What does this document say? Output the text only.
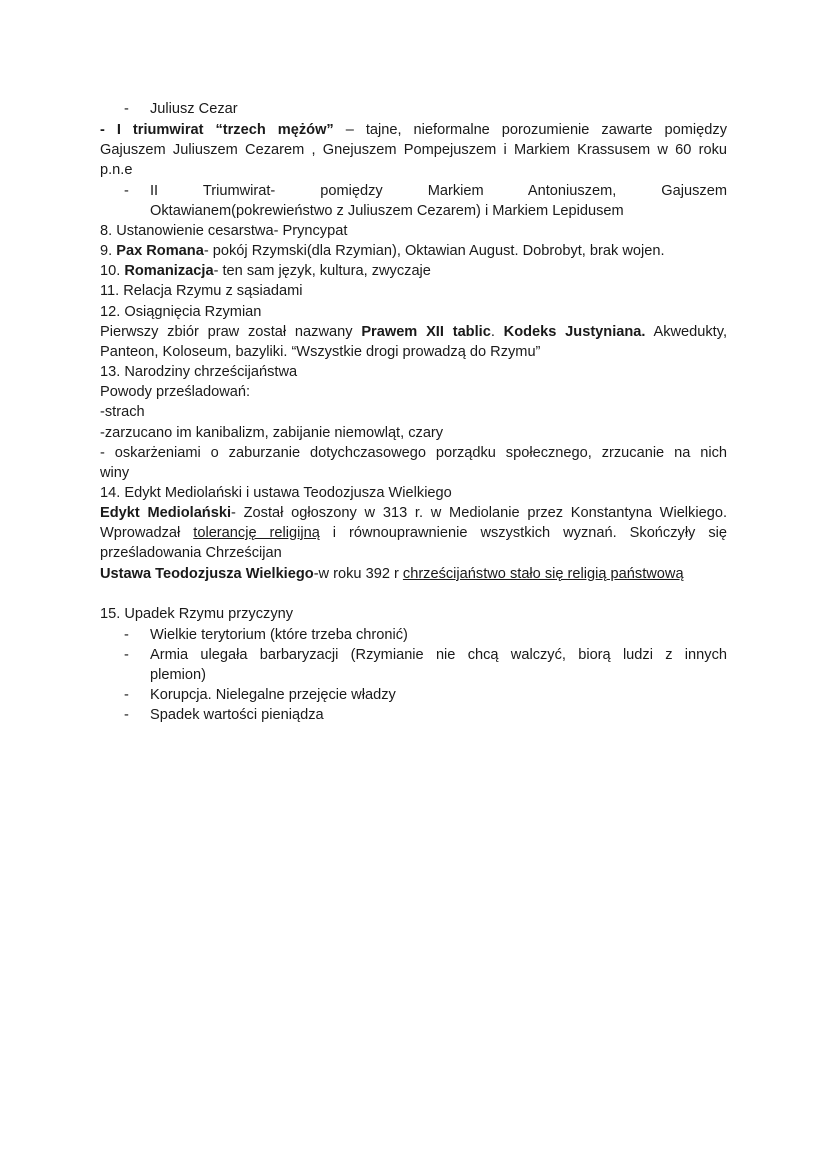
- Juliusz Cezar

- I triumwirat “trzech mężów” – tajne, nieformalne porozumienie zawarte pomiędzy

Gajuszem Juliuszem Cezarem , Gnejuszem Pompejuszem i Markiem Krassusem w 60 roku

p.n.e

- II Triumwirat- pomiędzy Markiem Antoniuszem, Gajuszem

Oktawianem(pokrewieństwo z Juliuszem Cezarem) i Markiem Lepidusem

8. Ustanowienie cesarstwa- Pryncypat

9. Pax Romana- pokój Rzymski(dla Rzymian), Oktawian August. Dobrobyt, brak wojen.

10. Romanizacja- ten sam język, kultura, zwyczaje

11. Relacja Rzymu z sąsiadami

12. Osiągnięcia Rzymian

Pierwszy zbiór praw został nazwany Prawem XII tablic. Kodeks Justyniana. Akwedukty,

Panteon, Koloseum, bazyliki. “Wszystkie drogi prowadzą do Rzymu”

13. Narodziny chrześcijaństwa

Powody prześladowań:

-strach

-zarzucano im kanibalizm, zabijanie niemowląt, czary

- oskarżeniami o zaburzanie dotychczasowego porządku społecznego, zrzucanie na nich

winy

14. Edykt Mediolański i ustawa Teodozjusza Wielkiego

Edykt Mediolański- Został ogłoszony w 313 r. w Mediolanie przez Konstantyna Wielkiego.

Wprowadzał tolerancję religijną i równouprawnienie wszystkich wyznań. Skończyły się

prześladowania Chrześcijan

Ustawa Teodozjusza Wielkiego-w roku 392 r chrześcijaństwo stało się religią państwową

15. Upadek Rzymu przyczyny

- Wielkie terytorium (które trzeba chronić)

- Armia ulegała barbaryzacji (Rzymianie nie chcą walczyć, biorą ludzi z innych

plemion)

- Korupcja. Nielegalne przejęcie władzy

- Spadek wartości pieniądza
